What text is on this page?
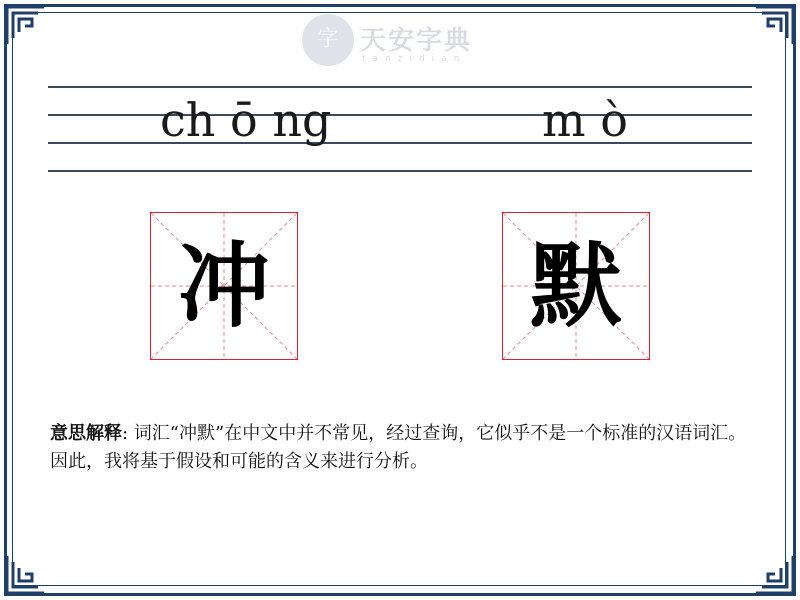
字 天安字典
tanzidian
ch ō ng	m ò
冲	默
意思解释: 词汇“冲默”在中文中并不常见，经过查询，它似乎不是一个标准的汉语词汇。因此，我将基于假设和可能的含义来进行分析。
